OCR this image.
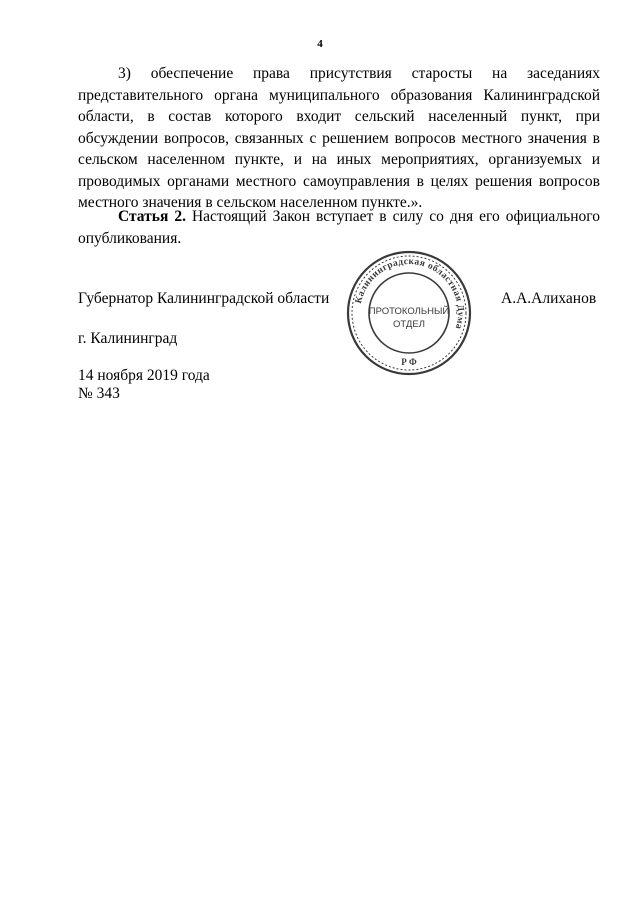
4

3) обеспечение права присутствия старосты на заседаниях представительного органа муниципального образования Калининградской области, в состав которого входит сельский населенный пункт, при обсуждении вопросов, связанных с решением вопросов местного значения в сельском населенном пункте, и на иных мероприятиях, организуемых и проводимых органами местного самоуправления в целях решения вопросов местного значения в сельском населенном пункте.».

Статья 2. Настоящий Закон вступает в силу со дня его официального опубликования.

Губернатор Калининградской области	А.А.Алиханов
Калининградская областная Дума
Р Ф
ПРОТОКОЛЬНЫЙ
ОТДЕЛ
г. Калининград
14 ноября 2019 года
№ 343
